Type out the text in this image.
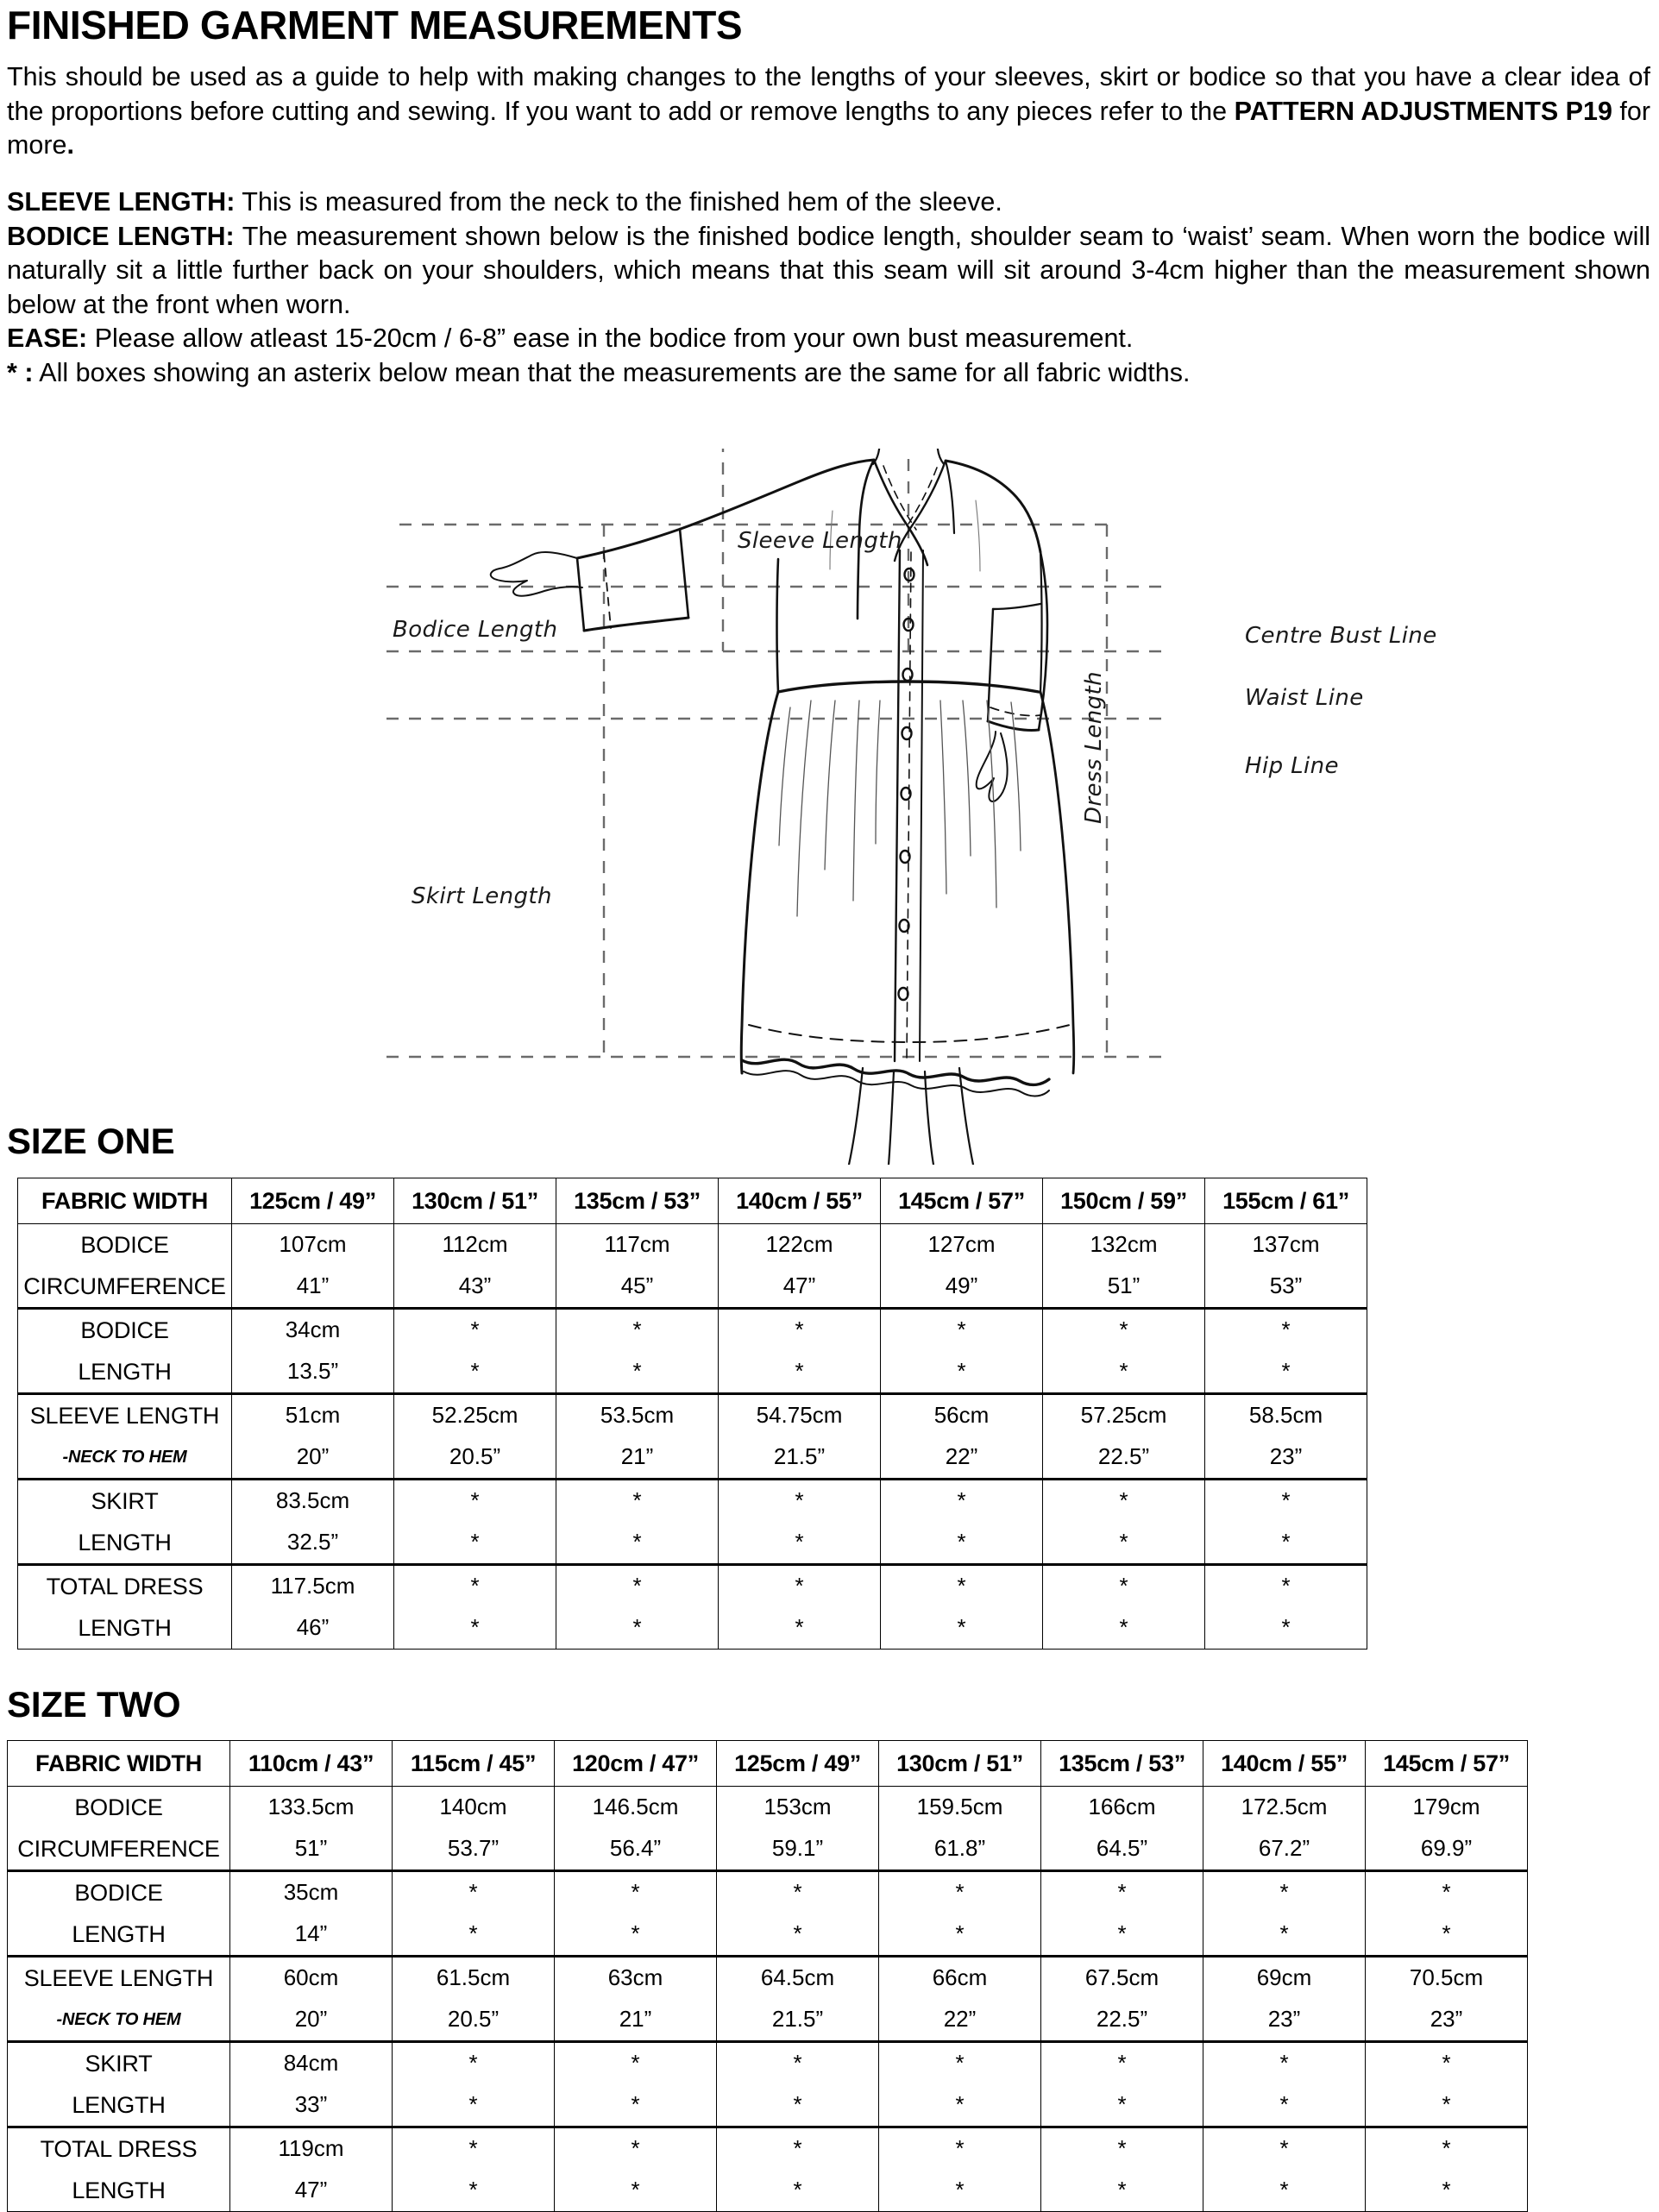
FINISHED GARMENT MEASUREMENTS

This should be used as a guide to help with making changes to the lengths of your sleeves, skirt or bodice so that you have a clear idea of the proportions before cutting and sewing. If you want to add or remove lengths to any pieces refer to the PATTERN ADJUSTMENTS P19 for more.

SLEEVE LENGTH: This is measured from the neck to the finished hem of the sleeve.

BODICE LENGTH: The measurement shown below is the finished bodice length, shoulder seam to ‘waist’ seam. When worn the bodice will naturally sit a little further back on your shoulders, which means that this seam will sit around 3-4cm higher than the measurement shown below at the front when worn.

EASE: Please allow atleast 15-20cm / 6-8” ease in the bodice from your own bust measurement.

* : All boxes showing an asterix below mean that the measurements are the same for all fabric widths.

Sleeve Length
Bodice Length
Skirt Length
Centre Bust Line
Waist Line
Hip Line
Dress Length
SIZE ONE
FABRIC WIDTH	125cm / 49”	130cm / 51”	135cm / 53”	140cm / 55”	145cm / 57”	150cm / 59”	155cm / 61”
BODICE	107cm	112cm	117cm	122cm	127cm	132cm	137cm
CIRCUMFERENCE	41”	43”	45”	47”	49”	51”	53”
BODICE	34cm	*	*	*	*	*	*
LENGTH	13.5”	*	*	*	*	*	*
SLEEVE LENGTH	51cm	52.25cm	53.5cm	54.75cm	56cm	57.25cm	58.5cm
-NECK TO HEM	20”	20.5”	21”	21.5”	22”	22.5”	23”
SKIRT	83.5cm	*	*	*	*	*	*
LENGTH	32.5”	*	*	*	*	*	*
TOTAL DRESS	117.5cm	*	*	*	*	*	*
LENGTH	46”	*	*	*	*	*	*
SIZE TWO
FABRIC WIDTH	110cm / 43”	115cm / 45”	120cm / 47”	125cm / 49”	130cm / 51”	135cm / 53”	140cm / 55”	145cm / 57”
BODICE	133.5cm	140cm	146.5cm	153cm	159.5cm	166cm	172.5cm	179cm
CIRCUMFERENCE	51”	53.7”	56.4”	59.1”	61.8”	64.5”	67.2”	69.9”
BODICE	35cm	*	*	*	*	*	*	*
LENGTH	14”	*	*	*	*	*	*	*
SLEEVE LENGTH	60cm	61.5cm	63cm	64.5cm	66cm	67.5cm	69cm	70.5cm
-NECK TO HEM	20”	20.5”	21”	21.5”	22”	22.5”	23”	23”
SKIRT	84cm	*	*	*	*	*	*	*
LENGTH	33”	*	*	*	*	*	*	*
TOTAL DRESS	119cm	*	*	*	*	*	*	*
LENGTH	47”	*	*	*	*	*	*	*
